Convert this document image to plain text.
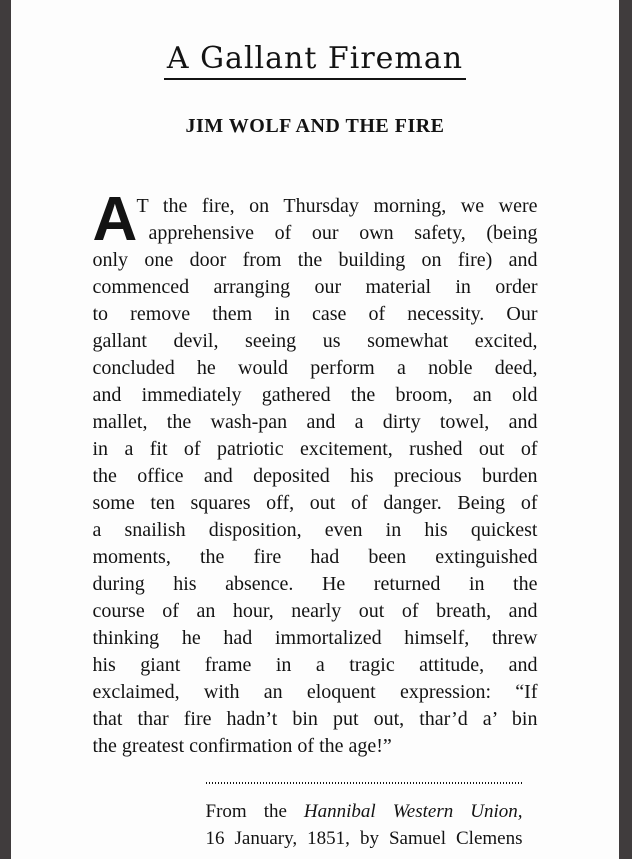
A Gallant Fireman
JIM WOLF AND THE FIRE
A T the fire, on Thursday morning, we were
apprehensive of our own safety, (being
only one door from the building on fire) and
commenced arranging our material in order
to remove them in case of necessity. Our
gallant devil, seeing us somewhat excited,
concluded he would perform a noble deed,
and immediately gathered the broom, an old
mallet, the wash-pan and a dirty towel, and
in a fit of patriotic excitement, rushed out of
the office and deposited his precious burden
some ten squares off, out of danger. Being of
a snailish disposition, even in his quickest
moments, the fire had been extinguished
during his absence. He returned in the
course of an hour, nearly out of breath, and
thinking he had immortalized himself, threw
his giant frame in a tragic attitude, and
exclaimed, with an eloquent expression: “If
that thar fire hadn’t bin put out, thar’d a’ bin
the greatest confirmation of the age!”
From the Hannibal Western Union,
16 January, 1851, by Samuel Clemens
